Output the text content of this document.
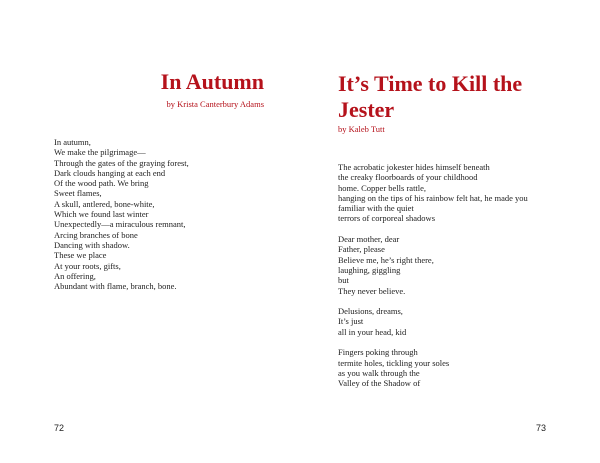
In Autumn

by Krista Canterbury Adams

In autumn,
We make the pilgrimage—
Through the gates of the graying forest,
Dark clouds hanging at each end
Of the wood path. We bring
Sweet flames,
A skull, antlered, bone-white,
Which we found last winter
Unexpectedly—a miraculous remnant,
Arcing branches of bone
Dancing with shadow.
These we place
At your roots, gifts,
An offering,
Abundant with flame, branch, bone.

72

It’s Time to Kill the Jester

by Kaleb Tutt

The acrobatic jokester hides himself beneath
the creaky floorboards of your childhood
home. Copper bells rattle,
hanging on the tips of his rainbow felt hat, he made you
familiar with the quiet
terrors of corporeal shadows
Dear mother, dear
Father, please
Believe me, he’s right there,
laughing, giggling
but
They never believe.
Delusions, dreams,
It’s just
all in your head, kid
Fingers poking through
termite holes, tickling your soles
as you walk through the
Valley of the Shadow of

73
